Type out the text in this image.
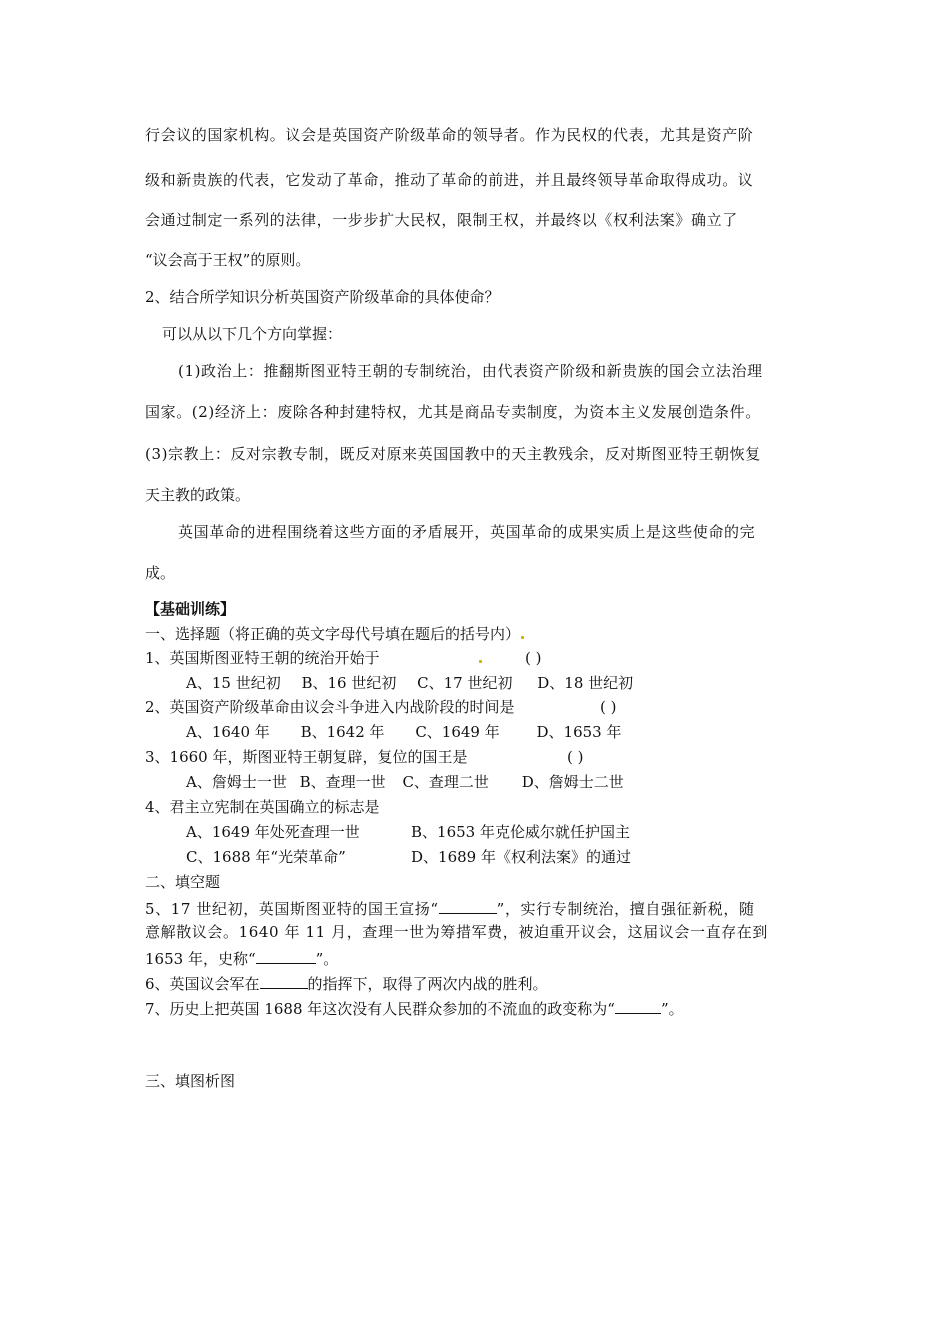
行会议的国家机构。议会是英国资产阶级革命的领导者。作为民权的代表，尤其是资产阶
级和新贵族的代表，它发动了革命，推动了革命的前进，并且最终领导革命取得成功。议
会通过制定一系列的法律，一步步扩大民权，限制王权，并最终以《权利法案》确立了
“议会高于王权”的原则。
2、结合所学知识分析英国资产阶级革命的具体使命？
可以从以下几个方向掌握：
(1)政治上：推翻斯图亚特王朝的专制统治，由代表资产阶级和新贵族的国会立法治理
国家。(2)经济上：废除各种封建特权，尤其是商品专卖制度，为资本主义发展创造条件。
(3)宗教上：反对宗教专制，既反对原来英国国教中的天主教残余，反对斯图亚特王朝恢复
天主教的政策。
英国革命的进程围绕着这些方面的矛盾展开，英国革命的成果实质上是这些使命的完
成。
【基础训练】
一、选择题（将正确的英文字母代号填在题后的括号内）
1、英国斯图亚特王朝的统治开始于	( )
A、15 世纪初 B、16 世纪初 C、17 世纪初 D、18 世纪初
2、英国资产阶级革命由议会斗争进入内战阶段的时间是	( )
A、1640 年 B、1642 年 C、1649 年 D、1653 年
3、1660 年，斯图亚特王朝复辟，复位的国王是	( )
A、詹姆士一世 B、查理一世 C、查理二世 D、詹姆士二世
4、君主立宪制在英国确立的标志是
A、1649 年处死查理一世	B、1653 年克伦威尔就任护国主
C、1688 年“光荣革命”	D、1689 年《权利法案》的通过
二、填空题
5、17 世纪初，英国斯图亚特的国王宣扬“	”，实行专制统治，擅自强征新税，随
意解散议会。1640 年 11 月，查理一世为筹措军费，被迫重开议会，这届议会一直存在到
1653 年，史称“	”。
6、英国议会军在	的指挥下，取得了两次内战的胜利。
7、历史上把英国 1688 年这次没有人民群众参加的不流血的政变称为“	”。
三、填图析图
